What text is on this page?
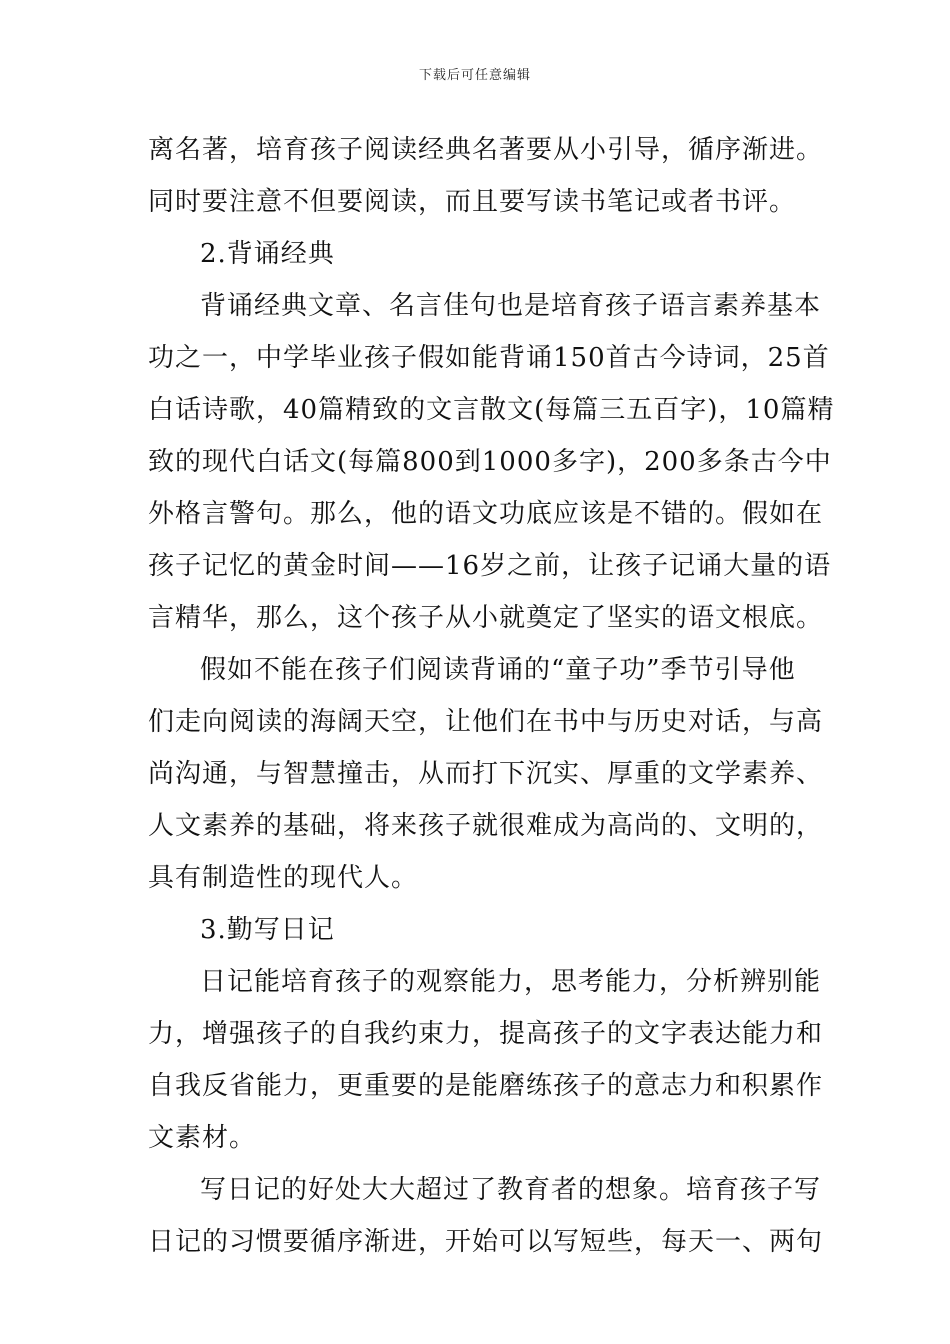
下载后可任意编辑
离名著，培育孩子阅读经典名著要从小引导，循序渐进。
同时要注意不但要阅读，而且要写读书笔记或者书评。
2.背诵经典
背诵经典文章、名言佳句也是培育孩子语言素养基本
功之一，中学毕业孩子假如能背诵150首古今诗词，25首
白话诗歌，40篇精致的文言散文(每篇三五百字)，10篇精
致的现代白话文(每篇800到1000多字)，200多条古今中
外格言警句。那么，他的语文功底应该是不错的。假如在
孩子记忆的黄金时间——16岁之前，让孩子记诵大量的语
言精华，那么，这个孩子从小就奠定了坚实的语文根底。
假如不能在孩子们阅读背诵的“童子功”季节引导他
们走向阅读的海阔天空，让他们在书中与历史对话，与高
尚沟通，与智慧撞击，从而打下沉实、厚重的文学素养、
人文素养的基础，将来孩子就很难成为高尚的、文明的，
具有制造性的现代人。
3.勤写日记
日记能培育孩子的观察能力，思考能力，分析辨别能
力，增强孩子的自我约束力，提高孩子的文字表达能力和
自我反省能力，更重要的是能磨练孩子的意志力和积累作
文素材。
写日记的好处大大超过了教育者的想象。培育孩子写
日记的习惯要循序渐进，开始可以写短些，每天一、两句
